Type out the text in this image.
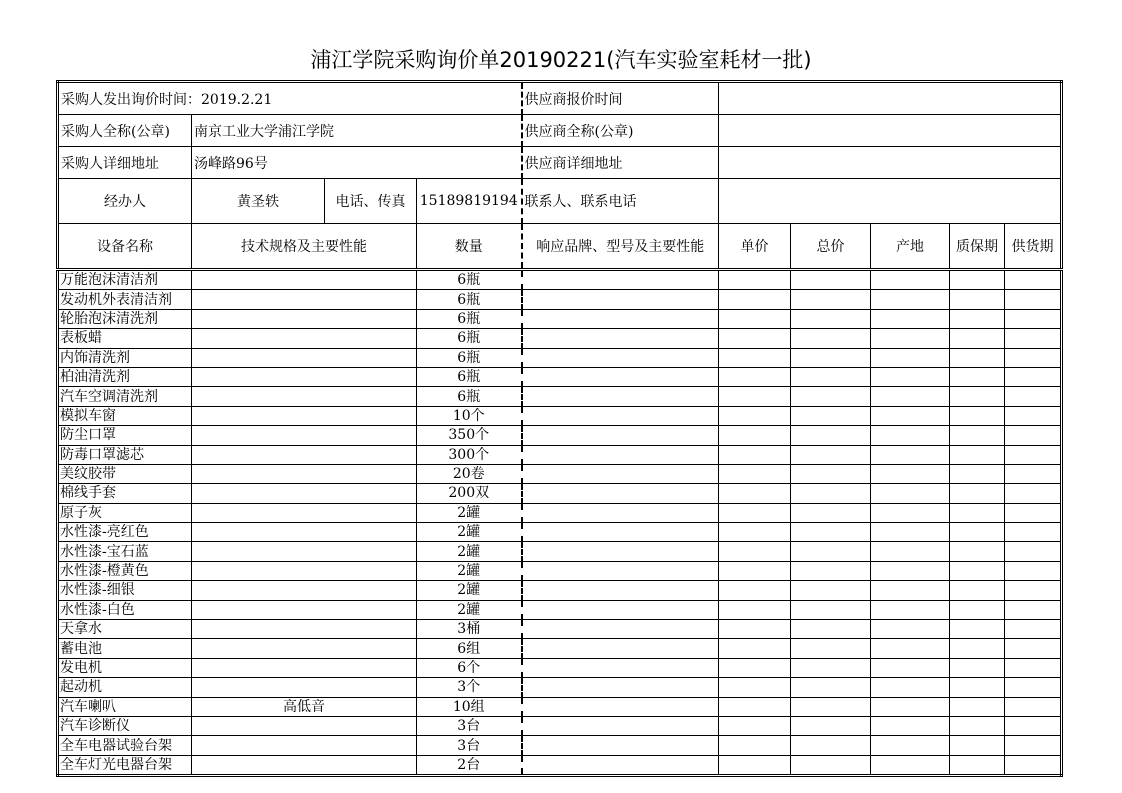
浦江学院采购询价单20190221(汽车实验室耗材一批)
采购人发出询价时间：2019.2.21				供应商报价时间					
采购人全称(公章)	南京工业大学浦江学院			供应商全称(公章)					
采购人详细地址	汤峰路96号			供应商详细地址					
经办人	黄圣轶	电话、传真	15189819194	联系人、联系电话					
设备名称	技术规格及主要性能		数量	响应品牌、型号及主要性能	单价	总价	产地	质保期	供货期
万能泡沫清洁剂			6瓶						
发动机外表清洁剂			6瓶						
轮胎泡沫清洗剂			6瓶						
表板蜡			6瓶						
内饰清洗剂			6瓶						
柏油清洗剂			6瓶						
汽车空调清洗剂			6瓶						
模拟车窗			10个						
防尘口罩			350个						
防毒口罩滤芯			300个						
美纹胶带			20卷						
棉线手套			200双						
原子灰			2罐						
水性漆-亮红色			2罐						
水性漆-宝石蓝			2罐						
水性漆-橙黄色			2罐						
水性漆-细银			2罐						
水性漆-白色			2罐						
天拿水			3桶						
蓄电池			6组						
发电机			6个						
起动机			3个						
汽车喇叭	高低音		10组						
汽车诊断仪			3台						
全车电器试验台架			3台						
全车灯光电器台架			2台						
